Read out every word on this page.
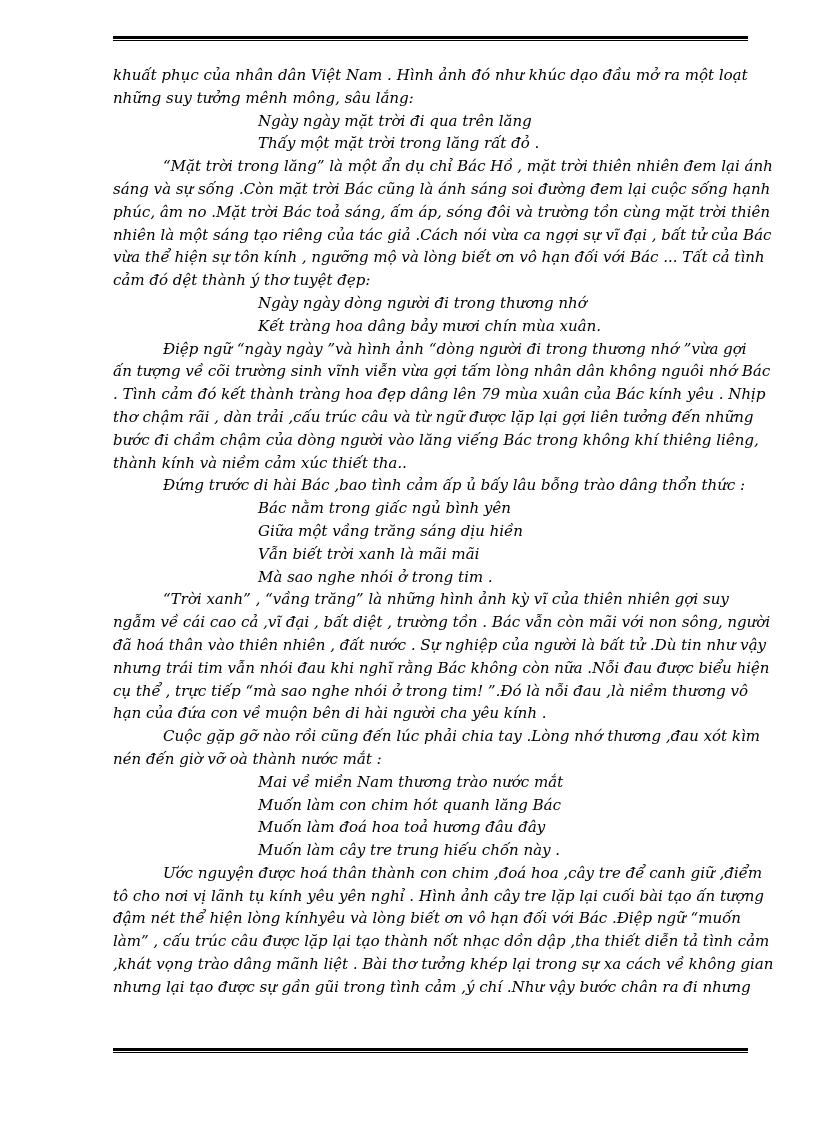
khuất phục của nhân dân Việt Nam . Hình ảnh đó như khúc dạo đầu mở ra một loạt
những suy tưởng mênh mông, sâu lắng:
Ngày ngày mặt trời đi qua trên lăng
Thấy một mặt trời trong lăng rất đỏ .
“Mặt trời trong lăng” là một ẩn dụ chỉ Bác Hồ , mặt trời thiên nhiên đem lại ánh
sáng và sự sống .Còn mặt trời Bác cũng là ánh sáng soi đường đem lại cuộc sống hạnh
phúc, âm no .Mặt trời Bác toả sáng, ấm áp, sóng đôi và trường tồn cùng mặt trời thiên
nhiên là một sáng tạo riêng của tác giả .Cách nói vừa ca ngợi sự vĩ đại , bất tử của Bác
vừa thể hiện sự tôn kính , ngưỡng mộ và lòng biết ơn vô hạn đối với Bác ... Tất cả tình
cảm đó dệt thành ý thơ tuyệt đẹp:
Ngày ngày dòng người đi trong thương nhớ
Kết tràng hoa dâng bảy mươi chín mùa xuân.
Điệp ngữ “ngày ngày ”và hình ảnh “dòng người đi trong thương nhớ ”vừa gợi
ấn tượng về cõi trường sinh vĩnh viễn vừa gợi tấm lòng nhân dân không nguôi nhớ Bác
. Tình cảm đó kết thành tràng hoa đẹp dâng lên 79 mùa xuân của Bác kính yêu . Nhịp
thơ chậm rãi , dàn trải ,cấu trúc câu và từ ngữ được lặp lại gợi liên tưởng đến những
bước đi chầm chậm của dòng người vào lăng viếng Bác trong không khí thiêng liêng,
thành kính và niềm cảm xúc thiết tha..
Đứng trước di hài Bác ,bao tình cảm ấp ủ bấy lâu bỗng trào dâng thổn thức :
Bác nằm trong giấc ngủ bình yên
Giữa một vầng trăng sáng dịu hiền
Vẫn biết trời xanh là mãi mãi
Mà sao nghe nhói ở trong tim .
“Trời xanh” , “vầng trăng” là những hình ảnh kỳ vĩ của thiên nhiên gợi suy
ngẫm về cái cao cả ,vĩ đại , bất diệt , trường tồn . Bác vẫn còn mãi với non sông, người
đã hoá thân vào thiên nhiên , đất nước . Sự nghiệp của người là bất tử .Dù tin như vậy
nhưng trái tim vẫn nhói đau khi nghĩ rằng Bác không còn nữa .Nỗi đau được biểu hiện
cụ thể , trực tiếp “mà sao nghe nhói ở trong tim! ”.Đó là nỗi đau ,là niềm thương vô
hạn của đứa con về muộn bên di hài người cha yêu kính .
Cuộc gặp gỡ nào rồi cũng đến lúc phải chia tay .Lòng nhớ thương ,đau xót kìm
nén đến giờ vỡ oà thành nước mắt :
Mai về miền Nam thương trào nước mắt
Muốn làm con chim hót quanh lăng Bác
Muốn làm đoá hoa toả hương đâu đây
Muốn làm cây tre trung hiếu chốn này .
Ước nguyện được hoá thân thành con chim ,đoá hoa ,cây tre để canh giữ ,điểm
tô cho nơi vị lãnh tụ kính yêu yên nghỉ . Hình ảnh cây tre lặp lại cuối bài tạo ấn tượng
đậm nét thể hiện lòng kínhyêu và lòng biết ơn vô hạn đối với Bác .Điệp ngữ “muốn
làm” , cấu trúc câu được lặp lại tạo thành nốt nhạc dồn dập ,tha thiết diễn tả tình cảm
,khát vọng trào dâng mãnh liệt . Bài thơ tưởng khép lại trong sự xa cách về không gian
nhưng lại tạo được sự gần gũi trong tình cảm ,ý chí .Như vậy bước chân ra đi nhưng
